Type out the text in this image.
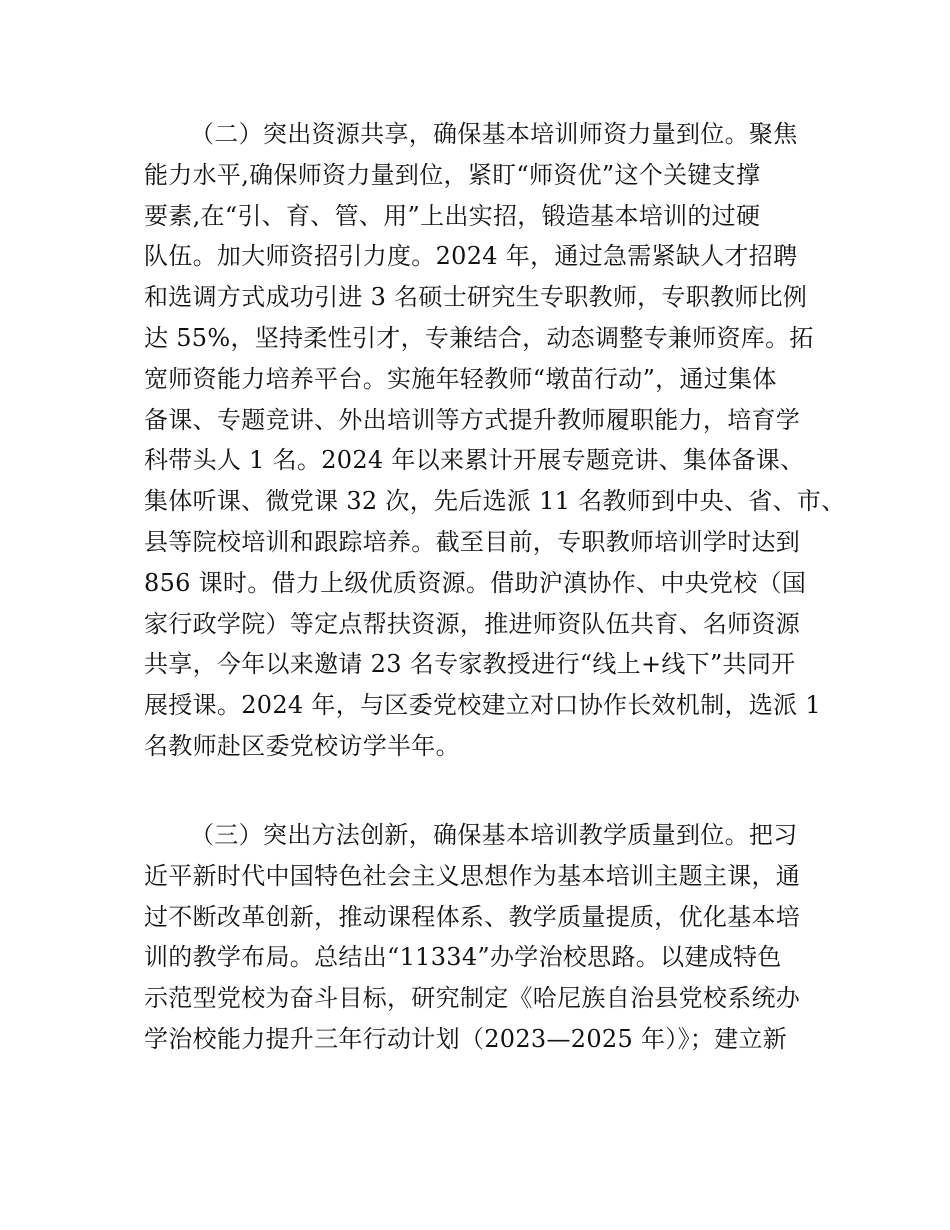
（二）突出资源共享，确保基本培训师资力量到位。聚焦
能力水平,确保师资力量到位，紧盯“师资优”这个关键支撑
要素,在“引、育、管、用”上出实招，锻造基本培训的过硬
队伍。加大师资招引力度。2024 年，通过急需紧缺人才招聘
和选调方式成功引进 3 名硕士研究生专职教师，专职教师比例
达 55%，坚持柔性引才，专兼结合，动态调整专兼师资库。拓
宽师资能力培养平台。实施年轻教师“墩苗行动”，通过集体
备课、专题竞讲、外出培训等方式提升教师履职能力，培育学
科带头人 1 名。2024 年以来累计开展专题竞讲、集体备课、
集体听课、微党课 32 次，先后选派 11 名教师到中央、省、市、
县等院校培训和跟踪培养。截至目前，专职教师培训学时达到
856 课时。借力上级优质资源。借助沪滇协作、中央党校（国
家行政学院）等定点帮扶资源，推进师资队伍共育、名师资源
共享，今年以来邀请 23 名专家教授进行“线上+线下”共同开
展授课。2024 年，与区委党校建立对口协作长效机制，选派 1
名教师赴区委党校访学半年。
（三）突出方法创新，确保基本培训教学质量到位。把习
近平新时代中国特色社会主义思想作为基本培训主题主课，通
过不断改革创新，推动课程体系、教学质量提质，优化基本培
训的教学布局。总结出“11334”办学治校思路。以建成特色
示范型党校为奋斗目标，研究制定《哈尼族自治县党校系统办
学治校能力提升三年行动计划（2023—2025 年）》；建立新
